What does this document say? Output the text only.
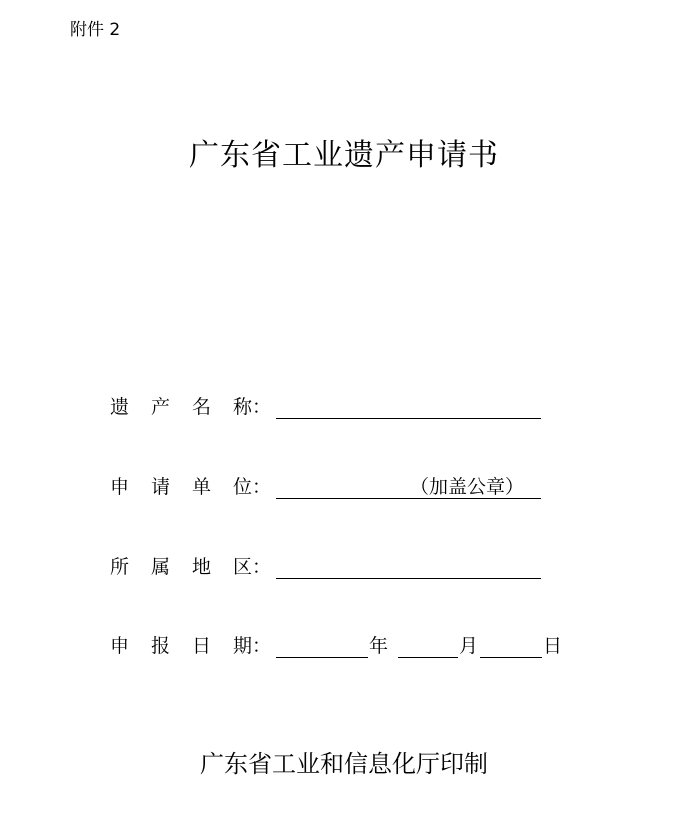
附件 2
广东省工业遗产申请书
遗 产 名 称：
申 请 单 位：	（加盖公章）
所 属 地 区：
申 报 日 期：	年	月	日
广东省工业和信息化厅印制
